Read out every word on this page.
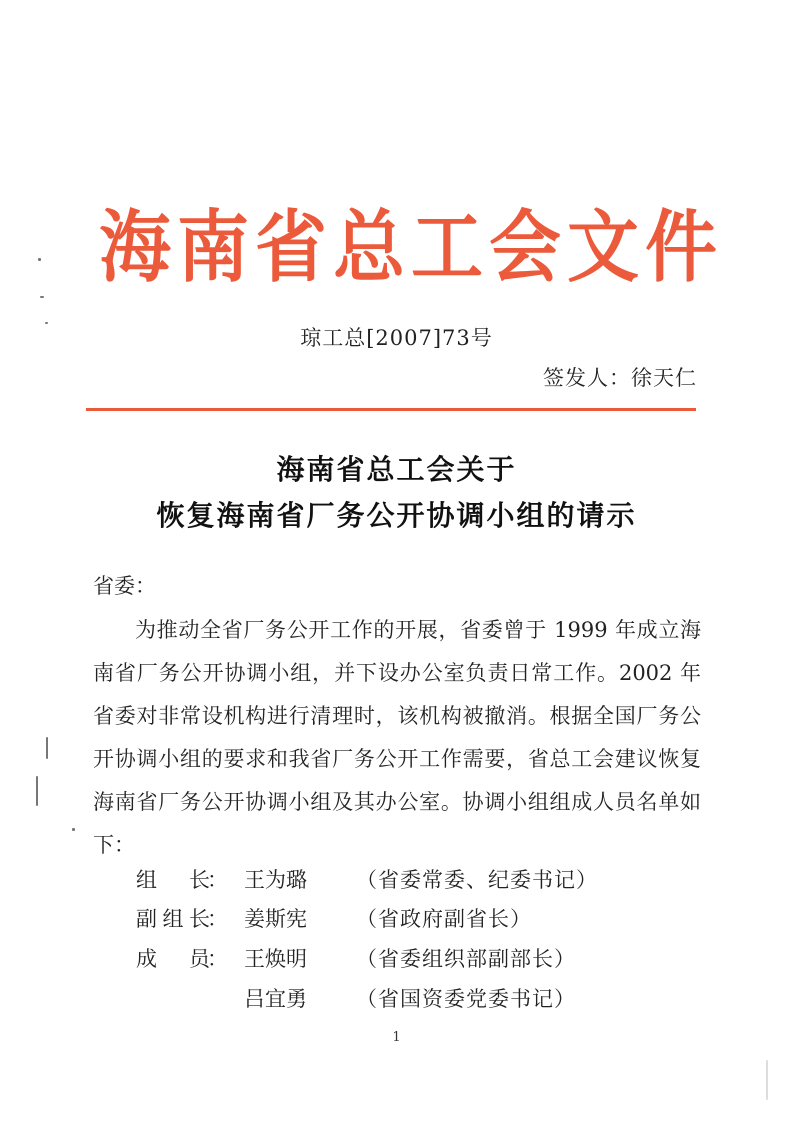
海 南 省 总 工 会 文 件
琼工总[2007]73号
签发人：徐天仁
海南省总工会关于
恢复海南省厂务公开协调小组的请示
省委：
为推动全省厂务公开工作的开展，省委曾于 1999 年成立海
南省厂务公开协调小组，并下设办公室负责日常工作。2002 年
省委对非常设机构进行清理时，该机构被撤消。根据全国厂务公
开协调小组的要求和我省厂务公开工作需要，省总工会建议恢复
海南省厂务公开协调小组及其办公室。协调小组组成人员名单如
下：
组 长
： 王为璐 （省委常委、纪委书记）
副 组 长
： 姜斯宪 （省政府副省长）
成 员
： 王焕明 （省委组织部副部长）
吕宜勇 （省国资委党委书记）
1
